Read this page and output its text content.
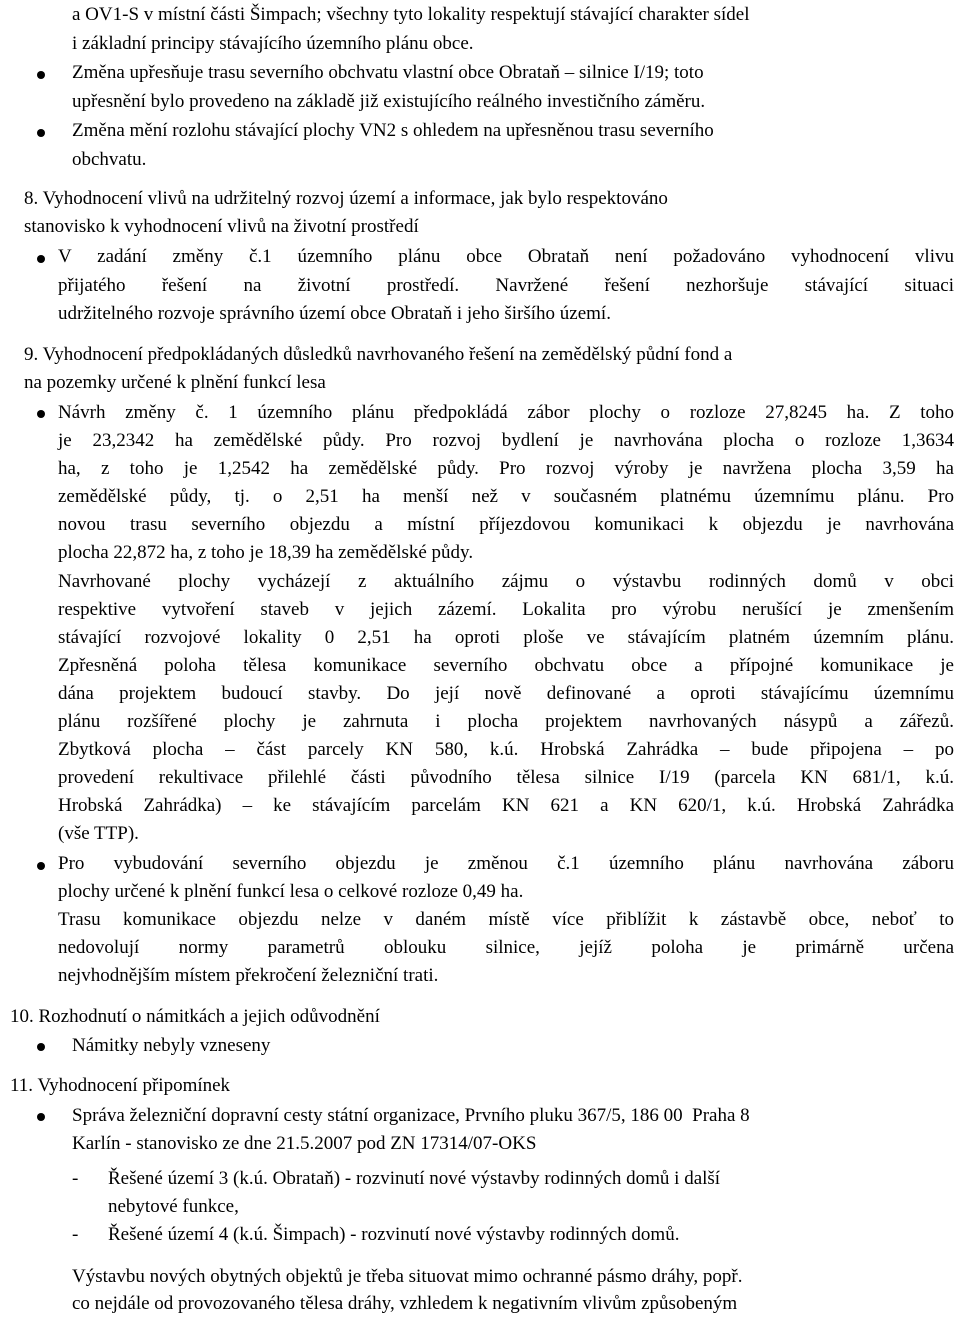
a OV1-S v místní části Šimpach; všechny tyto lokality respektují stávající charakter sídel
i základní principy stávajícího územního plánu obce.
Změna upřesňuje trasu severního obchvatu vlastní obce Obrataň – silnice I/19; toto
upřesnění bylo provedeno na základě již existujícího reálného investičního záměru.
Změna mění rozlohu stávající plochy VN2 s ohledem na upřesněnou trasu severního
obchvatu.
8. Vyhodnocení vlivů na udržitelný rozvoj území a informace, jak bylo respektováno
stanovisko k vyhodnocení vlivů na životní prostředí
V zadání změny č.1 územního plánu obce Obrataň není požadováno vyhodnocení vlivu
přijatého řešení na životní prostředí. Navržené řešení nezhoršuje stávající situaci
udržitelného rozvoje správního území obce Obrataň i jeho širšího území.
9. Vyhodnocení předpokládaných důsledků navrhovaného řešení na zemědělský půdní fond a
na pozemky určené k plnění funkcí lesa
Návrh změny č. 1 územního plánu předpokládá zábor plochy o rozloze 27,8245 ha. Z toho
je 23,2342 ha zemědělské půdy. Pro rozvoj bydlení je navrhována plocha o rozloze 1,3634
ha, z toho je 1,2542 ha zemědělské půdy. Pro rozvoj výroby je navržena plocha 3,59 ha
zemědělské půdy, tj. o 2,51 ha menší než v současném platnému územnímu plánu. Pro
novou trasu severního objezdu a místní příjezdovou komunikaci k objezdu je navrhována
plocha 22,872 ha, z toho je 18,39 ha zemědělské půdy.
Navrhované plochy vycházejí z aktuálního zájmu o výstavbu rodinných domů v obci
respektive vytvoření staveb v jejich zázemí. Lokalita pro výrobu nerušící je zmenšením
stávající rozvojové lokality 0 2,51 ha oproti ploše ve stávajícím platném územním plánu.
Zpřesněná poloha tělesa komunikace severního obchvatu obce a přípojné komunikace je
dána projektem budoucí stavby. Do její nově definované a oproti stávajícímu územnímu
plánu rozšířené plochy je zahrnuta i plocha projektem navrhovaných násypů a zářezů.
Zbytková plocha – část parcely KN 580, k.ú. Hrobská Zahrádka – bude připojena – po
provedení rekultivace přilehlé části původního tělesa silnice I/19 (parcela KN 681/1, k.ú.
Hrobská Zahrádka) – ke stávajícím parcelám KN 621 a KN 620/1, k.ú. Hrobská Zahrádka
(vše TTP).
Pro vybudování severního objezdu je změnou č.1 územního plánu navrhována záboru
plochy určené k plnění funkcí lesa o celkové rozloze 0,49 ha.
Trasu komunikace objezdu nelze v daném místě více přiblížit k zástavbě obce, neboť to
nedovolují normy parametrů oblouku silnice, jejíž poloha je primárně určena
nejvhodnějším místem překročení železniční trati.
10. Rozhodnutí o námitkách a jejich odůvodnění
Námitky nebyly vzneseny
11. Vyhodnocení připomínek
Správa železniční dopravní cesty státní organizace, Prvního pluku 367/5, 186 00  Praha 8
Karlín - stanovisko ze dne 21.5.2007 pod ZN 17314/07-OKS
- Řešené území 3 (k.ú. Obrataň) - rozvinutí nové výstavby rodinných domů i další
nebytové funkce,
- Řešené území 4 (k.ú. Šimpach) - rozvinutí nové výstavby rodinných domů.
Výstavbu nových obytných objektů je třeba situovat mimo ochranné pásmo dráhy, popř.
co nejdále od provozovaného tělesa dráhy, vzhledem k negativním vlivům způsobeným
